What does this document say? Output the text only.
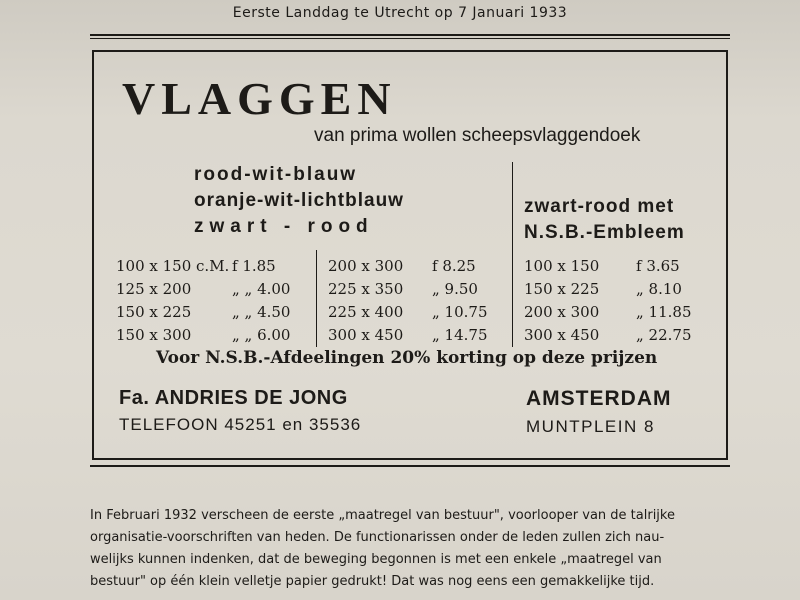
Eerste Landdag te Utrecht op 7 Januari 1933
VLAGGEN
van prima wollen scheepsvlaggendoek
rood-wit-blauw
oranje-wit-lichtblauw
zwart - rood
zwart-rood met
N.S.B.-Embleem
100 x 150 c.M. f 1.85
125 x 200	„ „ 4.00
150 x 225	„ „ 4.50
150 x 300	„ „ 6.00
200 x 300 f 8.25
225 x 350 „ 9.50
225 x 400 „ 10.75
300 x 450 „ 14.75
100 x 150 f 3.65
150 x 225 „ 8.10
200 x 300 „ 11.85
300 x 450 „ 22.75
Voor N.S.B.-Afdeelingen 20% korting op deze prijzen
Fa. ANDRIES DE JONG
TELEFOON 45251 en 35536
AMSTERDAM
MUNTPLEIN 8

In Februari 1932 verscheen de eerste „maatregel van bestuur", voorlooper van de talrijke

organisatie-voorschriften van heden. De functionarissen onder de leden zullen zich nau-

welijks kunnen indenken, dat de beweging begonnen is met een enkele „maatregel van

bestuur" op één klein velletje papier gedrukt! Dat was nog eens een gemakkelijke tijd.
